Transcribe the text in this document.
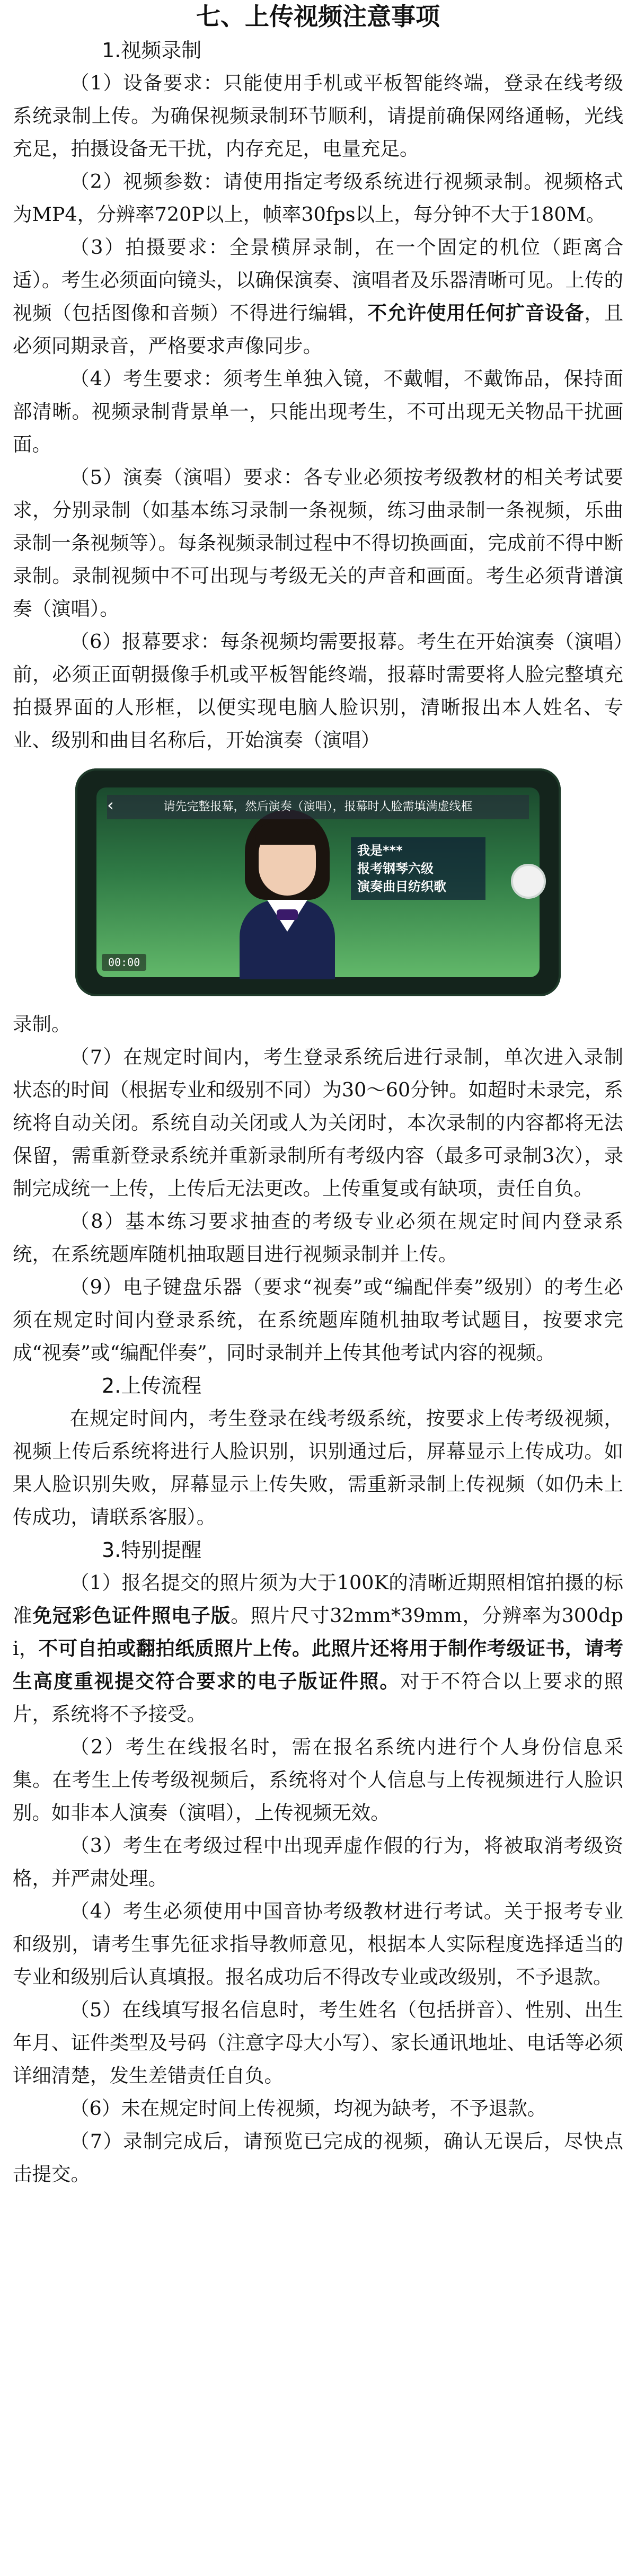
七、上传视频注意事项

1.视频录制

（1）设备要求：只能使用手机或平板智能终端，登录在线考级系统录制上传。为确保视频录制环节顺利，请提前确保网络通畅，光线充足，拍摄设备无干扰，内存充足，电量充足。

（2）视频参数：请使用指定考级系统进行视频录制。视频格式为MP4，分辨率720P以上，帧率30fps以上，每分钟不大于180M。

（3）拍摄要求：全景横屏录制，在一个固定的机位（距离合适）。考生必须面向镜头，以确保演奏、演唱者及乐器清晰可见。上传的视频（包括图像和音频）不得进行编辑，不允许使用任何扩音设备，且必须同期录音，严格要求声像同步。

（4）考生要求：须考生单独入镜，不戴帽，不戴饰品，保持面部清晰。视频录制背景单一，只能出现考生，不可出现无关物品干扰画面。

（5）演奏（演唱）要求：各专业必须按考级教材的相关考试要求，分别录制（如基本练习录制一条视频，练习曲录制一条视频，乐曲录制一条视频等）。每条视频录制过程中不得切换画面，完成前不得中断录制。录制视频中不可出现与考级无关的声音和画面。考生必须背谱演奏（演唱）。

（6）报幕要求：每条视频均需要报幕。考生在开始演奏（演唱）前，必须正面朝摄像手机或平板智能终端，报幕时需要将人脸完整填充拍摄界面的人形框，以便实现电脑人脸识别，清晰报出本人姓名、专业、级别和曲目名称后，开始演奏（演唱）

请先完整报幕，然后演奏（演唱），报幕时人脸需填满虚线框
‹
我是***
报考钢琴六级
演奏曲目纺织歌
00:00

录制。

（7）在规定时间内，考生登录系统后进行录制，单次进入录制状态的时间（根据专业和级别不同）为30～60分钟。如超时未录完，系统将自动关闭。系统自动关闭或人为关闭时，本次录制的内容都将无法保留，需重新登录系统并重新录制所有考级内容（最多可录制3次），录制完成统一上传，上传后无法更改。上传重复或有缺项，责任自负。

（8）基本练习要求抽查的考级专业必须在规定时间内登录系统，在系统题库随机抽取题目进行视频录制并上传。

（9）电子键盘乐器（要求“视奏”或“编配伴奏”级别）的考生必须在规定时间内登录系统，在系统题库随机抽取考试题目，按要求完成“视奏”或“编配伴奏”，同时录制并上传其他考试内容的视频。

2.上传流程

在规定时间内，考生登录在线考级系统，按要求上传考级视频，视频上传后系统将进行人脸识别，识别通过后，屏幕显示上传成功。如果人脸识别失败，屏幕显示上传失败，需重新录制上传视频（如仍未上传成功，请联系客服）。

3.特别提醒

（1）报名提交的照片须为大于100K的清晰近期照相馆拍摄的标准免冠彩色证件照电子版。照片尺寸32mm*39mm，分辨率为300dpi，不可自拍或翻拍纸质照片上传。此照片还将用于制作考级证书，请考生高度重视提交符合要求的电子版证件照。对于不符合以上要求的照片，系统将不予接受。

（2）考生在线报名时，需在报名系统内进行个人身份信息采集。在考生上传考级视频后，系统将对个人信息与上传视频进行人脸识别。如非本人演奏（演唱），上传视频无效。

（3）考生在考级过程中出现弄虚作假的行为，将被取消考级资格，并严肃处理。

（4）考生必须使用中国音协考级教材进行考试。关于报考专业和级别，请考生事先征求指导教师意见，根据本人实际程度选择适当的专业和级别后认真填报。报名成功后不得改专业或改级别，不予退款。

（5）在线填写报名信息时，考生姓名（包括拼音）、性别、出生年月、证件类型及号码（注意字母大小写）、家长通讯地址、电话等必须详细清楚，发生差错责任自负。

（6）未在规定时间上传视频，均视为缺考，不予退款。

（7）录制完成后，请预览已完成的视频，确认无误后，尽快点击提交。
